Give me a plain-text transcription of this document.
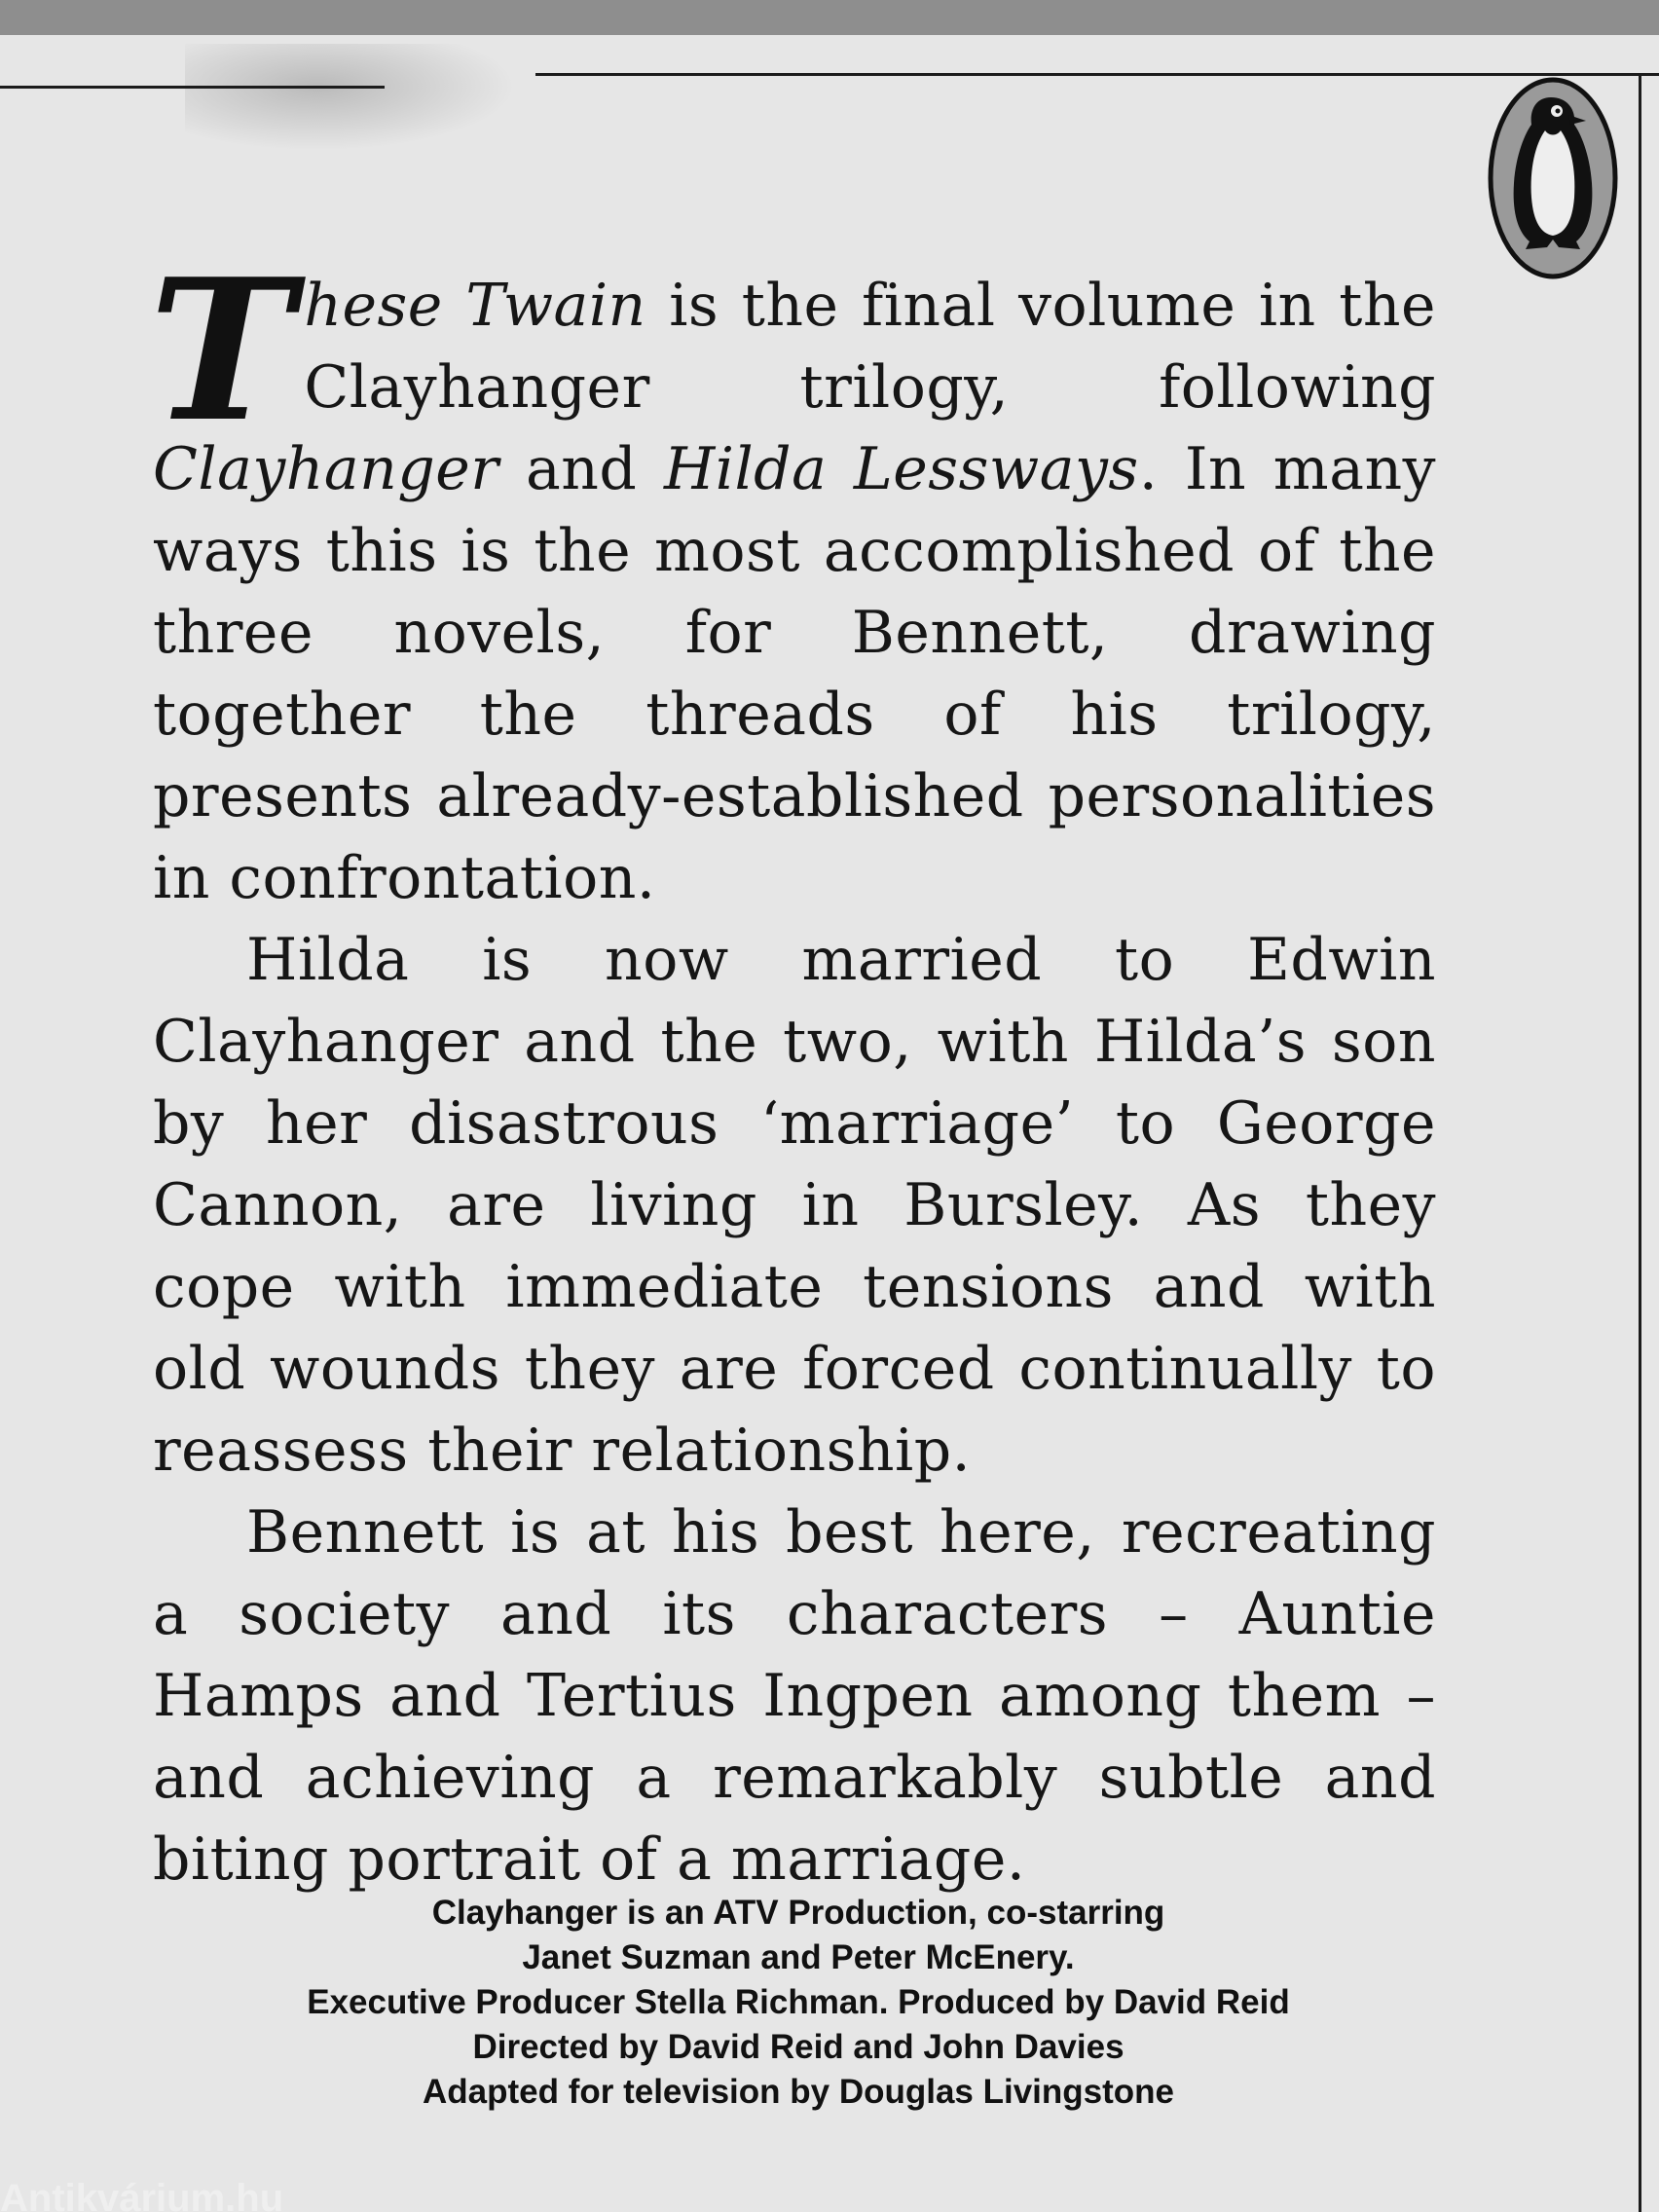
These Twain is the final volume in the Clayhanger trilogy, following Clayhanger and Hilda Lessways. In many ways this is the most accomplished of the three novels, for Bennett, drawing together the threads of his trilogy, presents already-established personalities in confrontation.

Hilda is now married to Edwin Clayhanger and the two, with Hilda’s son by her disastrous ‘marriage’ to George Cannon, are living in Bursley. As they cope with immediate tensions and with old wounds they are forced continually to reassess their relationship.

Bennett is at his best here, recreating a society and its characters – Auntie Hamps and Tertius Ingpen among them – and achieving a remarkably subtle and biting portrait of a marriage.

Clayhanger is an ATV Production, co-starring
Janet Suzman and Peter McEnery.
Executive Producer Stella Richman. Produced by David Reid
Directed by David Reid and John Davies
Adapted for television by Douglas Livingstone
Antikvárium.hu
